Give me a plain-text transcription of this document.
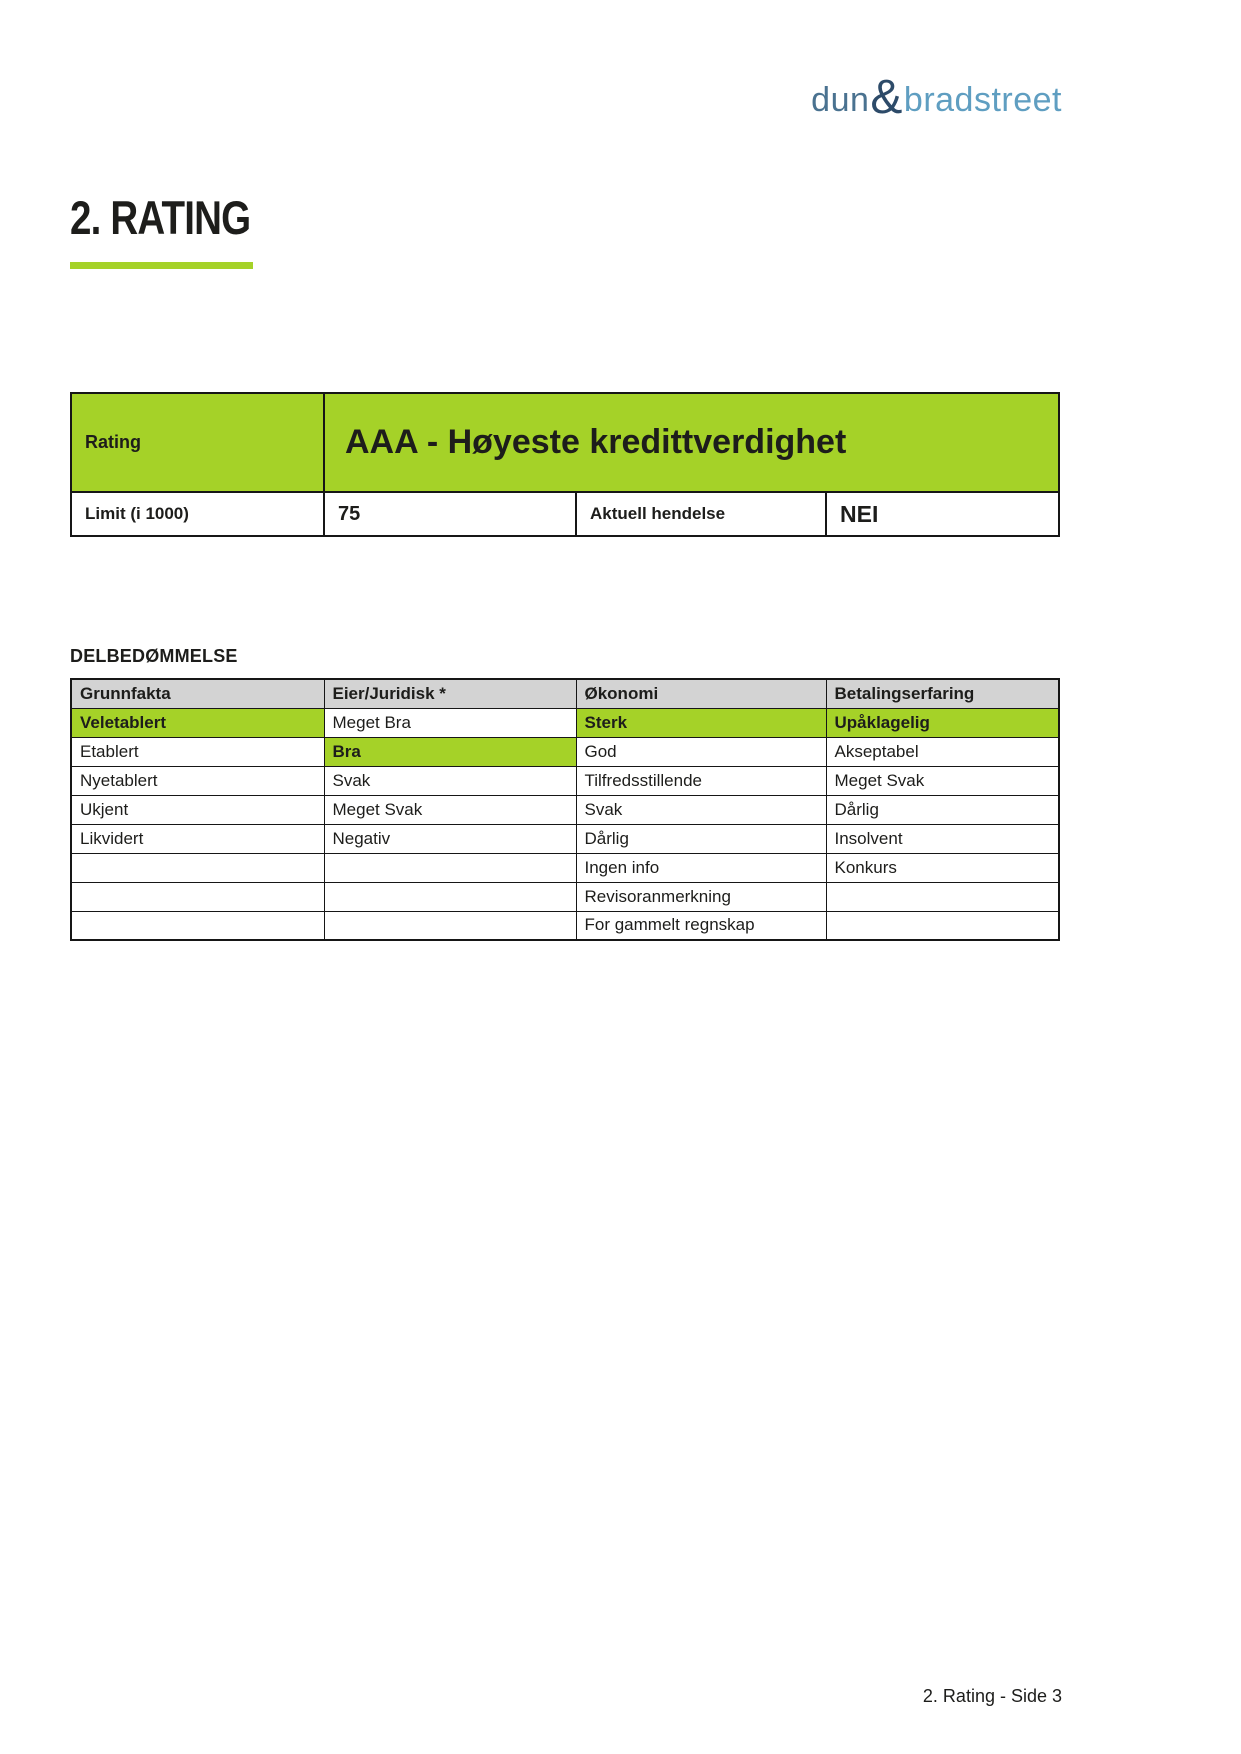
dun & bradstreet
2. RATING
Rating	AAA - Høyeste kredittverdighet		
Limit (i 1000)	75	Aktuell hendelse	NEI
DELBEDØMMELSE
Grunnfakta	Eier/Juridisk *	Økonomi	Betalingserfaring
Veletablert	Meget Bra	Sterk	Upåklagelig
Etablert	Bra	God	Akseptabel
Nyetablert	Svak	Tilfredsstillende	Meget Svak
Ukjent	Meget Svak	Svak	Dårlig
Likvidert	Negativ	Dårlig	Insolvent
		Ingen info	Konkurs
		Revisoranmerkning	
		For gammelt regnskap	
2. Rating - Side 3
